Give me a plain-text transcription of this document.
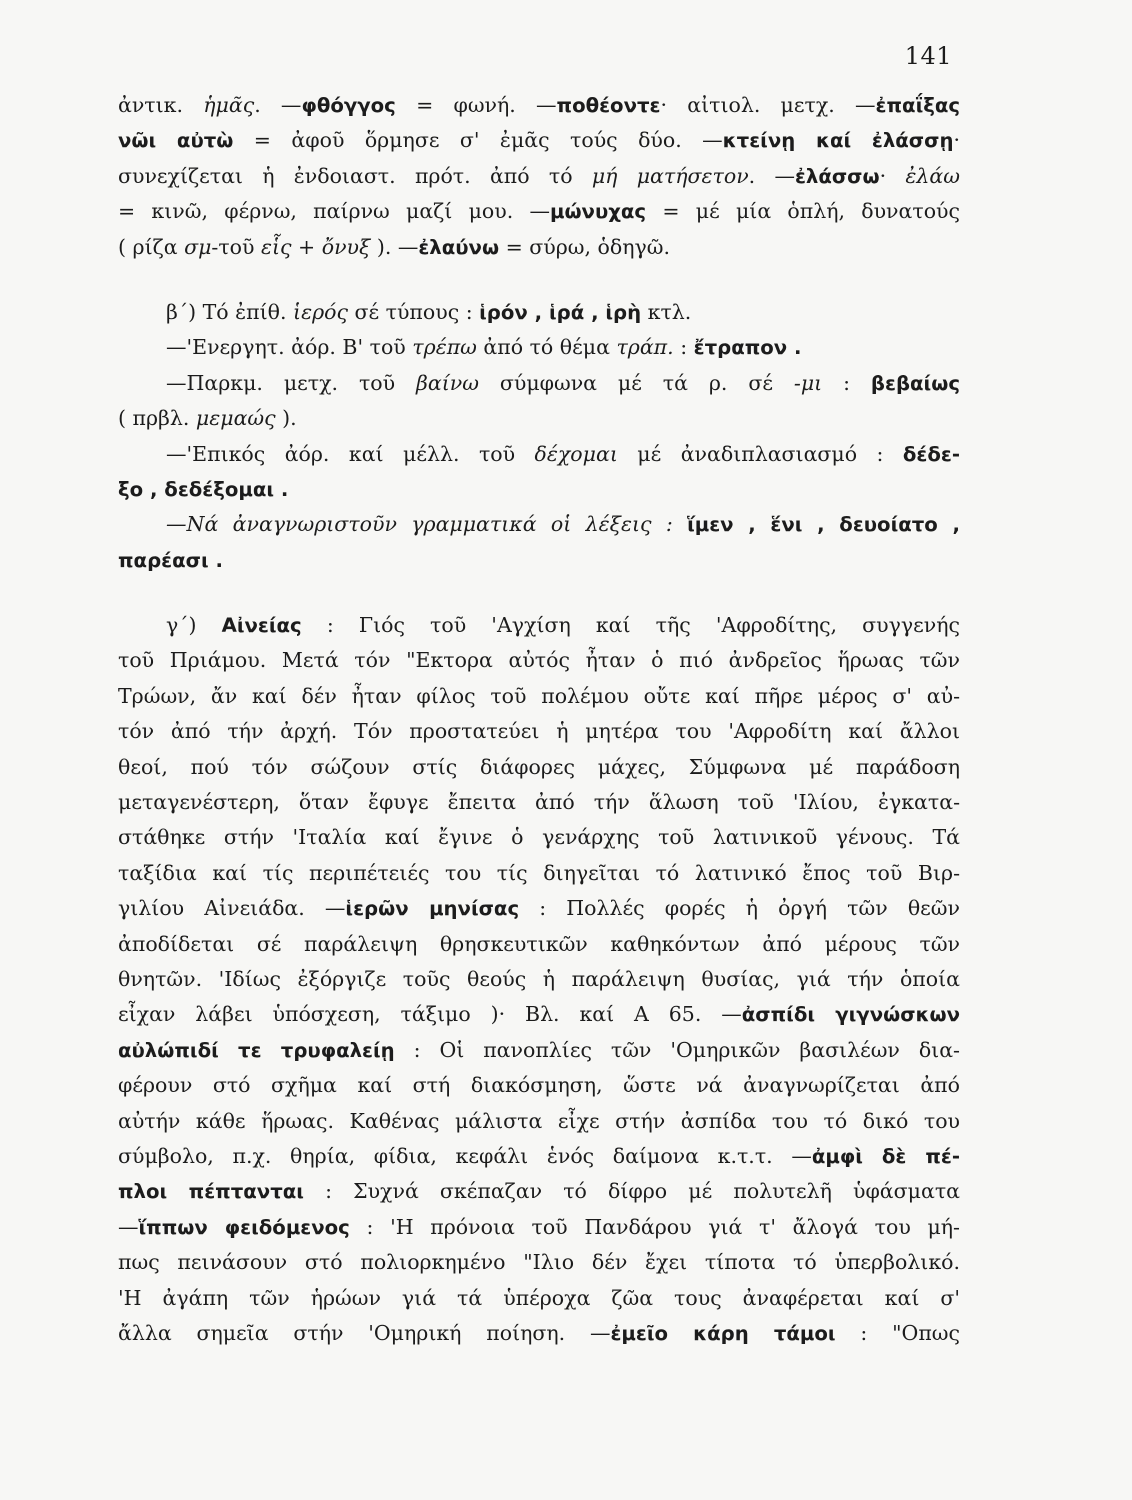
141
ἀντικ. ἡμᾶς. —φθόγγος = φωνή. —ποθέοντε· αἰτιολ. μετχ. —ἐπαΐξας
νῶι αὐτὼ = ἀφοῦ ὅρμησε σ' ἐμᾶς τούς δύο. —κτείνῃ καί ἐλάσσῃ·
συνεχίζεται ἡ ἐνδοιαστ. πρότ. ἀπό τό μή ματήσετον. —ἐλάσσω· ἐλάω
= κινῶ, φέρνω, παίρνω μαζί μου. —μώνυχας = μέ μία ὁπλή, δυνατούς
( ρίζα σμ-τοῦ εἷς + ὄνυξ ). —ἐλαύνω = σύρω, ὁδηγῶ.
β΄) Τό ἐπίθ. ἱερός σέ τύπους : ἱρόν , ἱρά , ἱρὴ κτλ.
—'Ενεργητ. ἀόρ. Β' τοῦ τρέπω ἀπό τό θέμα τράπ. : ἔτραπον .
—Παρκμ. μετχ. τοῦ βαίνω σύμφωνα μέ τά ρ. σέ -μι : βεβαίως
( πρβλ. μεμαώς ).
—'Επικός ἀόρ. καί μέλλ. τοῦ δέχομαι μέ ἀναδιπλασιασμό : δέδε-
ξο , δεδέξομαι .
—Νά ἀναγνωριστοῦν γραμματικά οἱ λέξεις : ἵμεν , ἕνι , δευοίατο ,
παρέασι .
γ΄) Αἰνείας : Γιός τοῦ 'Αγχίση καί τῆς 'Αφροδίτης, συγγενής
τοῦ Πριάμου. Μετά τόν "Εκτορα αὐτός ἦταν ὁ πιό ἀνδρεῖος ἥρωας τῶν
Τρώων, ἄν καί δέν ἦταν φίλος τοῦ πολέμου οὔτε καί πῆρε μέρος σ' αὐ-
τόν ἀπό τήν ἀρχή. Τόν προστατεύει ἡ μητέρα του 'Αφροδίτη καί ἄλλοι
θεοί, πού τόν σώζουν στίς διάφορες μάχες, Σύμφωνα μέ παράδοση
μεταγενέστερη, ὅταν ἔφυγε ἔπειτα ἀπό τήν ἅλωση τοῦ 'Ιλίου, ἐγκατα-
στάθηκε στήν 'Ιταλία καί ἔγινε ὁ γενάρχης τοῦ λατινικοῦ γένους. Τά
ταξίδια καί τίς περιπέτειές του τίς διηγεῖται τό λατινικό ἔπος τοῦ Βιρ-
γιλίου Αἰνειάδα. —ἱερῶν μηνίσας : Πολλές φορές ἡ ὀργή τῶν θεῶν
ἀποδίδεται σέ παράλειψη θρησκευτικῶν καθηκόντων ἀπό μέρους τῶν
θνητῶν. 'Ιδίως ἐξόργιζε τοῦς θεούς ἡ παράλειψη θυσίας, γιά τήν ὁποία
εἶχαν λάβει ὑπόσχεση, τάξιμο )· Βλ. καί Α 65. —ἀσπίδι γιγνώσκων
αὐλώπιδί τε τρυφαλείῃ : Οἱ πανοπλίες τῶν 'Ομηρικῶν βασιλέων δια-
φέρουν στό σχῆμα καί στή διακόσμηση, ὥστε νά ἀναγνωρίζεται ἀπό
αὐτήν κάθε ἥρωας. Καθένας μάλιστα εἶχε στήν ἀσπίδα του τό δικό του
σύμβολο, π.χ. θηρία, φίδια, κεφάλι ἑνός δαίμονα κ.τ.τ. —ἀμφὶ δὲ πέ-
πλοι πέπτανται : Συχνά σκέπαζαν τό δίφρο μέ πολυτελῆ ὑφάσματα
—ἵππων φειδόμενος : 'Η πρόνοια τοῦ Πανδάρου γιά τ' ἄλογά του μή-
πως πεινάσουν στό πολιορκημένο "Ιλιο δέν ἔχει τίποτα τό ὑπερβολικό.
'Η ἀγάπη τῶν ἡρώων γιά τά ὑπέροχα ζῶα τους ἀναφέρεται καί σ'
ἄλλα σημεῖα στήν 'Ομηρική ποίηση. —ἐμεῖο κάρη τάμοι : "Οπως
